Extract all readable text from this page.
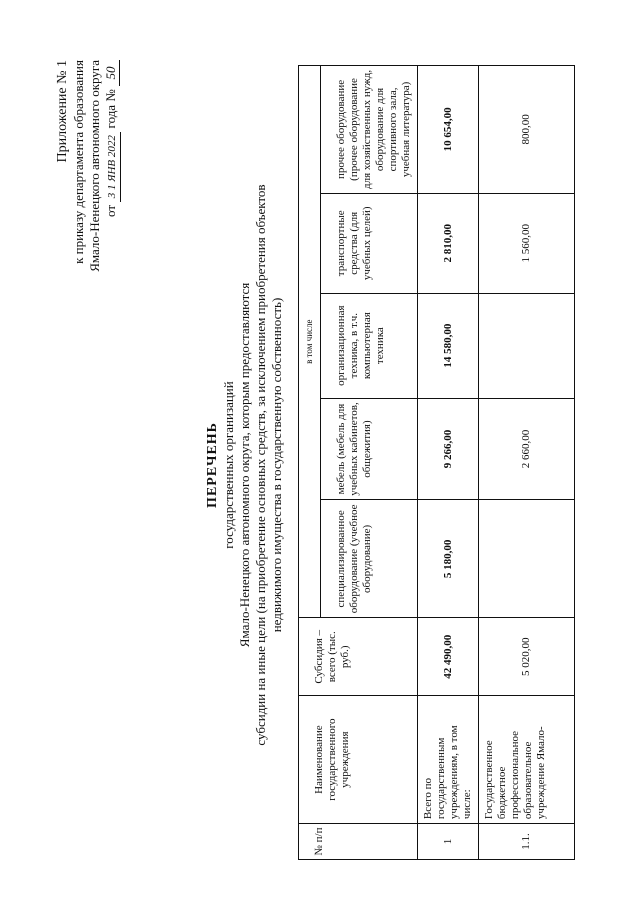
Приложение № 1 к приказу департамента образования Ямало-Ненецкого автономного округа от 3 1 ЯНВ 2022 года № 50
ПЕРЕЧЕНЬ государственных организаций Ямало-Ненецкого автономного округа, которым предоставляются субсидии на иные цели (на приобретение основных средств, за исключением приобретения объектов недвижимого имущества в государственную собственность)
№ п/п	Наименование государственного учреждения	Субсидия – всего (тыс. руб.)	в том числе				
			специализированное оборудование (учебное оборудование)	мебель (мебель для учебных кабинетов, общежития)	организационная техника, в т.ч. компьютерная техника	транспортные средства (для учебных целей)	прочее оборудование (прочее оборудование для хозяйственных нужд, оборудование для спортивного зала, учебная литература)
1	Всего по государственным учреждениям, в том числе:	42 490,00	5 180,00	9 266,00	14 580,00	2 810,00	10 654,00
1.1.	Государственное бюджетное профессиональное образовательное учреждение Ямало-	5 020,00		2 660,00		1 560,00	800,00
